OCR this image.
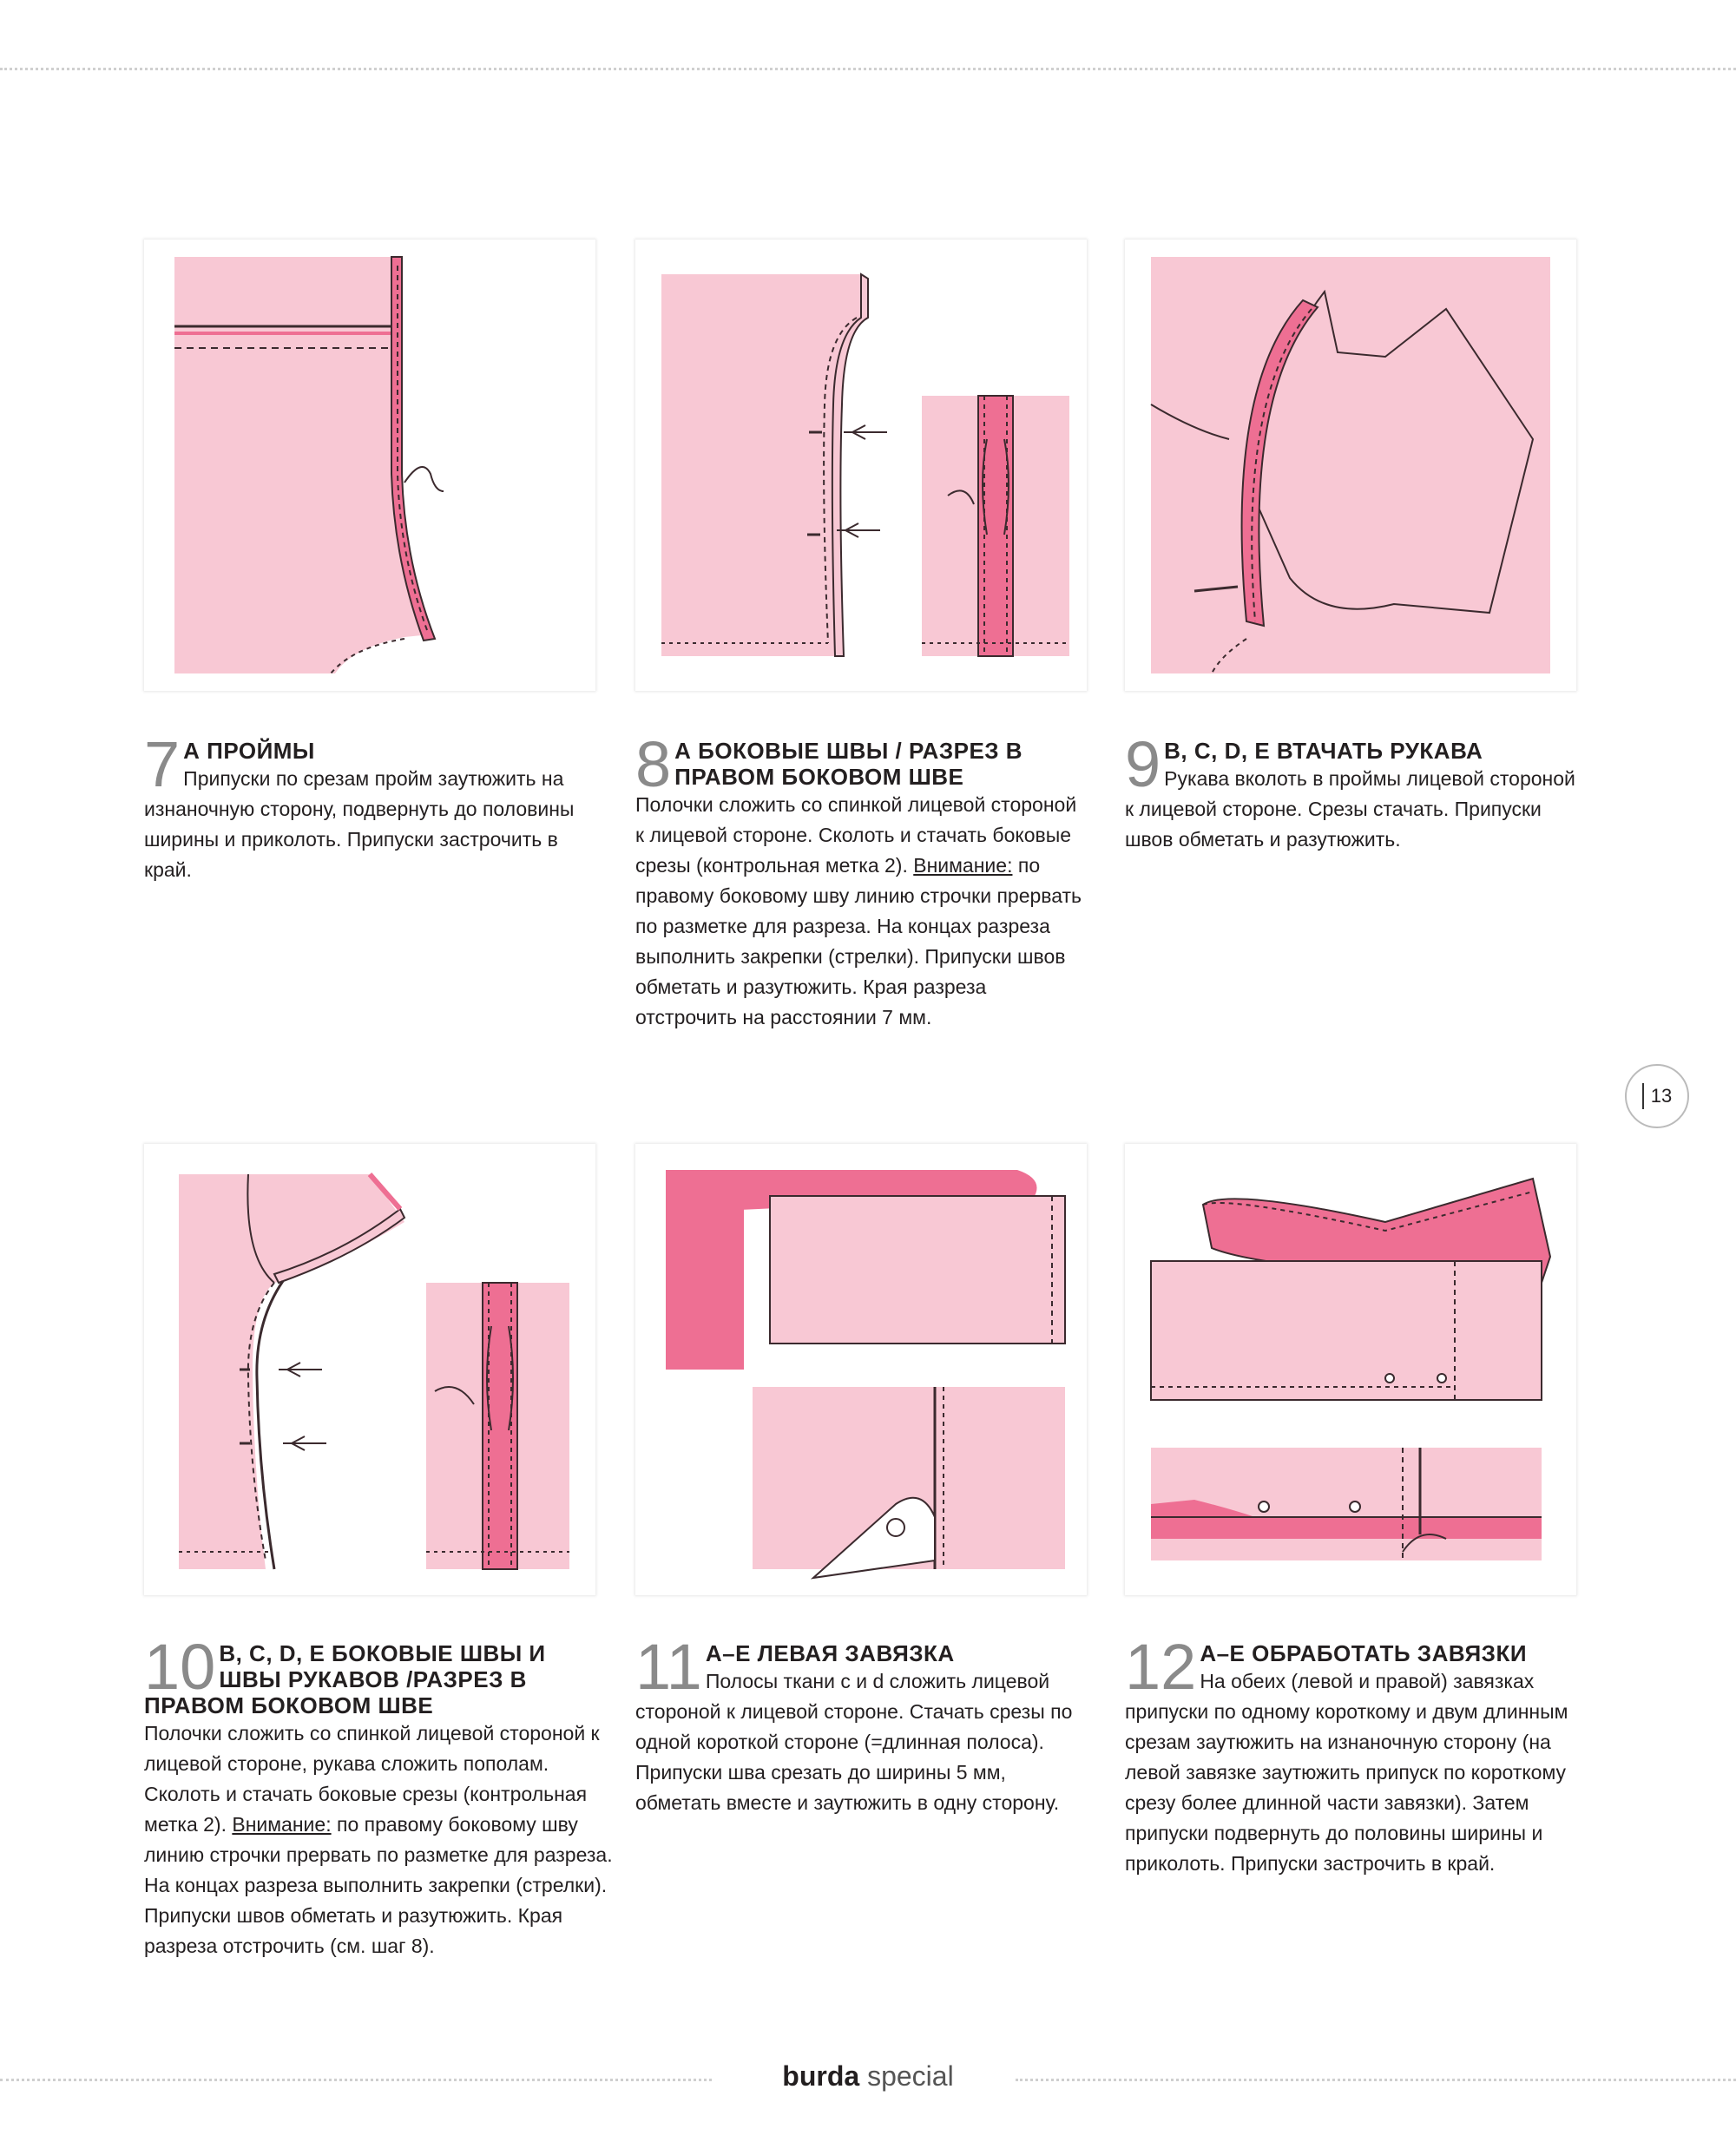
7 А ПРОЙМЫ
Припуски по срезам пройм заутюжить на изнаночную сторону, подвернуть до половины ширины и приколоть. Припуски застрочить в край.
8 А БОКОВЫЕ ШВЫ / РАЗРЕЗ В
ПРАВОМ БОКОВОМ ШВЕ
Полочки сложить со спинкой лицевой стороной к лицевой стороне. Сколоть и стачать боковые срезы (контрольная метка 2). Внимание: по правому боковому шву линию строчки прервать по разметке для разреза. На концах разреза выполнить закрепки (стрелки). Припуски швов обметать и разутюжить. Края разреза отстрочить на расстоянии 7 мм.
9 В, С, D, Е ВТАЧАТЬ РУКАВА
Рукава вколоть в проймы лицевой стороной к лицевой стороне. Срезы стачать. Припуски швов обметать и разутюжить.
13
10 В, С, D, Е БОКОВЫЕ ШВЫ И
ШВЫ РУКАВОВ /РАЗРЕЗ В
ПРАВОМ БОКОВОМ ШВЕ
Полочки сложить со спинкой лицевой стороной к лицевой стороне, рукава сложить пополам. Сколоть и стачать боковые срезы (контрольная метка 2). Внимание: по правому боковому шву линию строчки прервать по разметке для разреза. На концах разреза выполнить закрепки (стрелки). Припуски швов обметать и разутюжить. Края разреза отстрочить (см. шаг 8).
11 А–Е ЛЕВАЯ ЗАВЯЗКА
Полосы ткани с и d сложить лицевой стороной к лицевой стороне. Стачать срезы по одной короткой стороне (=длинная полоса). Припуски шва срезать до ширины 5 мм, обметать вместе и заутюжить в одну сторону.
12 А–Е ОБРАБОТАТЬ ЗАВЯЗКИ
На обеих (левой и правой) завязках припуски по одному короткому и двум длинным срезам заутюжить на изнаночную сторону (на левой завязке заутюжить припуск по короткому срезу более длинной части завязки). Затем припуски подвернуть до половины ширины и приколоть. Припуски застрочить в край.
burda special
